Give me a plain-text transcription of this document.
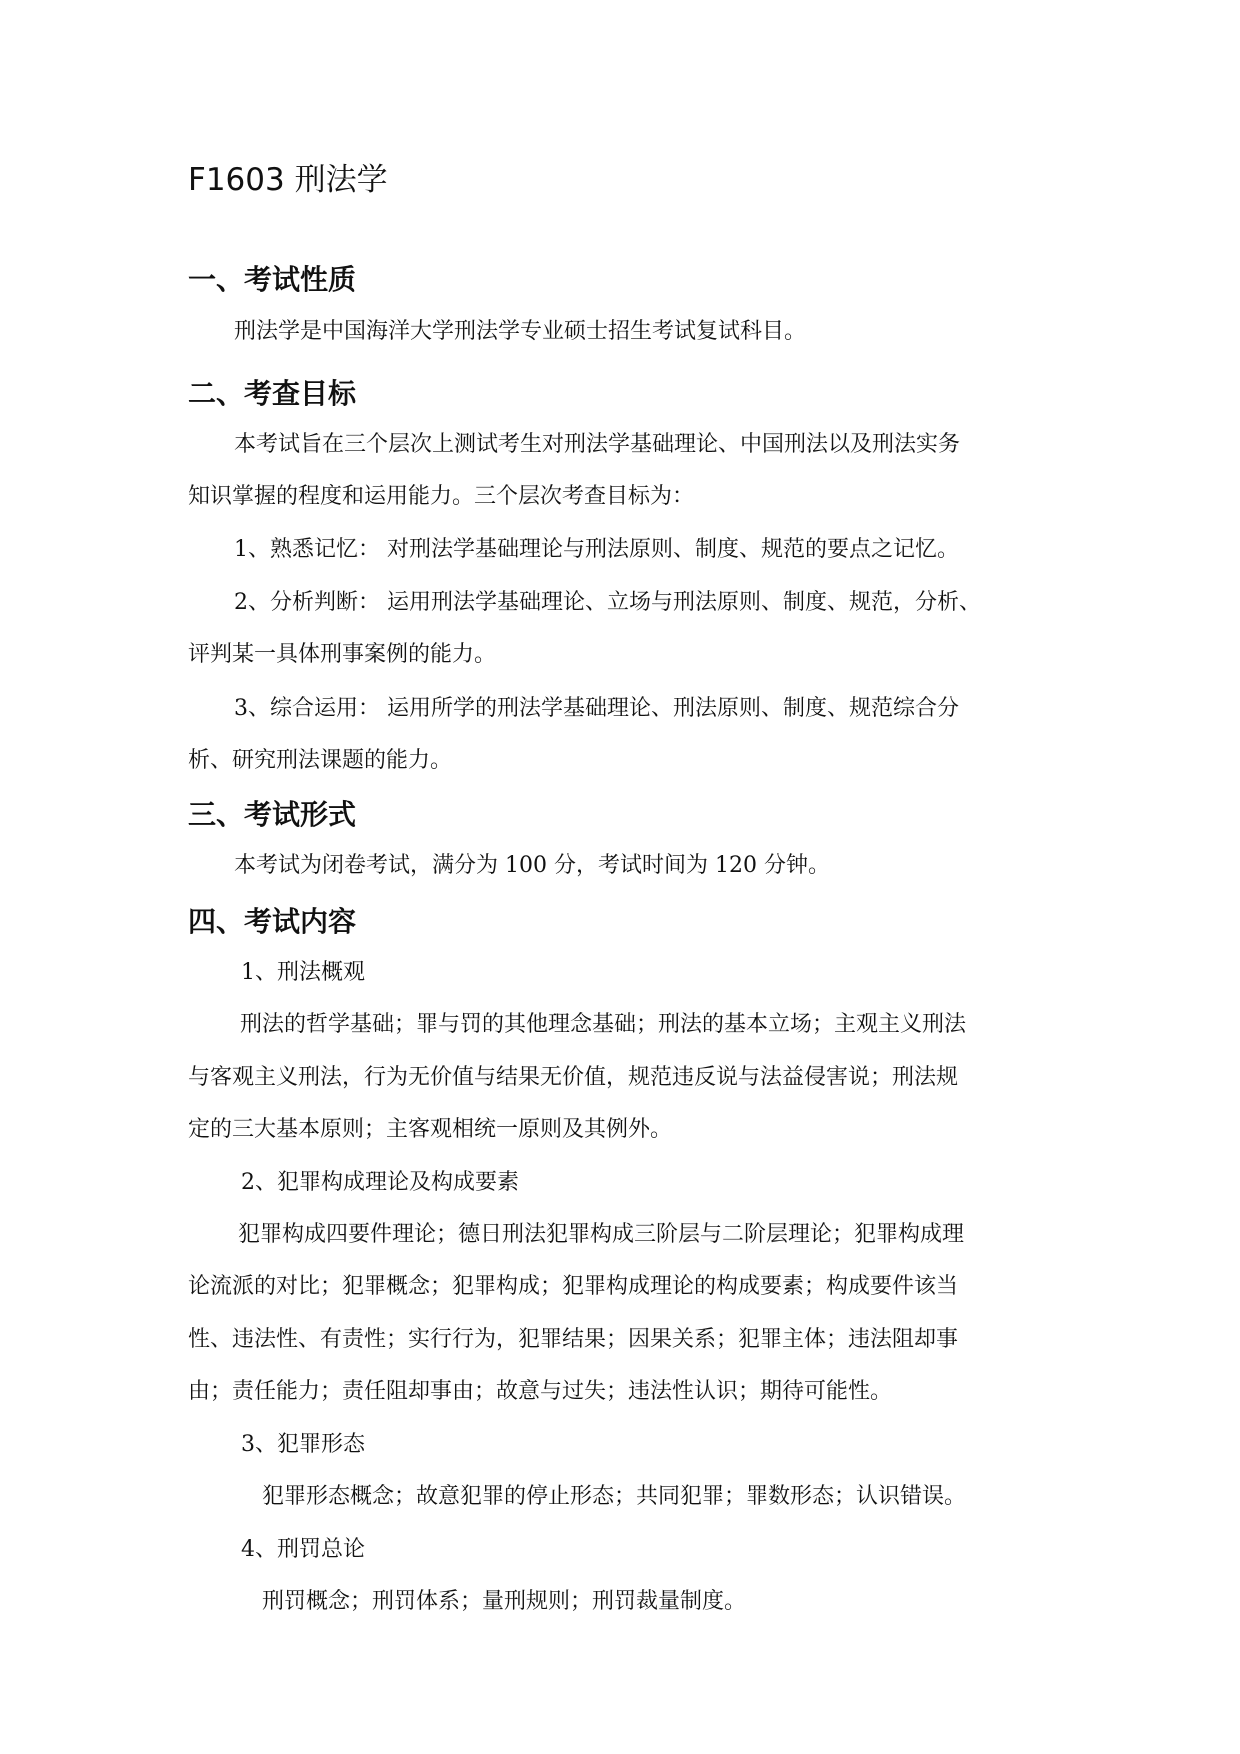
F1603 刑法学
一、考试性质
刑法学是中国海洋大学刑法学专业硕士招生考试复试科目。
二、考查目标
本考试旨在三个层次上测试考生对刑法学基础理论、中国刑法以及刑法实务
知识掌握的程度和运用能力。三个层次考查目标为：
1、熟悉记忆： 对刑法学基础理论与刑法原则、制度、规范的要点之记忆。
2、分析判断： 运用刑法学基础理论、立场与刑法原则、制度、规范，分析、
评判某一具体刑事案例的能力。
3、综合运用： 运用所学的刑法学基础理论、刑法原则、制度、规范综合分
析、研究刑法课题的能力。
三、考试形式
本考试为闭卷考试，满分为 100 分，考试时间为 120 分钟。
四、考试内容
1、刑法概观
刑法的哲学基础；罪与罚的其他理念基础；刑法的基本立场；主观主义刑法
与客观主义刑法，行为无价值与结果无价值，规范违反说与法益侵害说；刑法规
定的三大基本原则；主客观相统一原则及其例外。
2、犯罪构成理论及构成要素
犯罪构成四要件理论；德日刑法犯罪构成三阶层与二阶层理论；犯罪构成理
论流派的对比；犯罪概念；犯罪构成；犯罪构成理论的构成要素；构成要件该当
性、违法性、有责性；实行行为，犯罪结果；因果关系；犯罪主体；违法阻却事
由；责任能力；责任阻却事由；故意与过失；违法性认识；期待可能性。
3、犯罪形态
犯罪形态概念；故意犯罪的停止形态；共同犯罪；罪数形态；认识错误。
4、刑罚总论
刑罚概念；刑罚体系；量刑规则；刑罚裁量制度。
